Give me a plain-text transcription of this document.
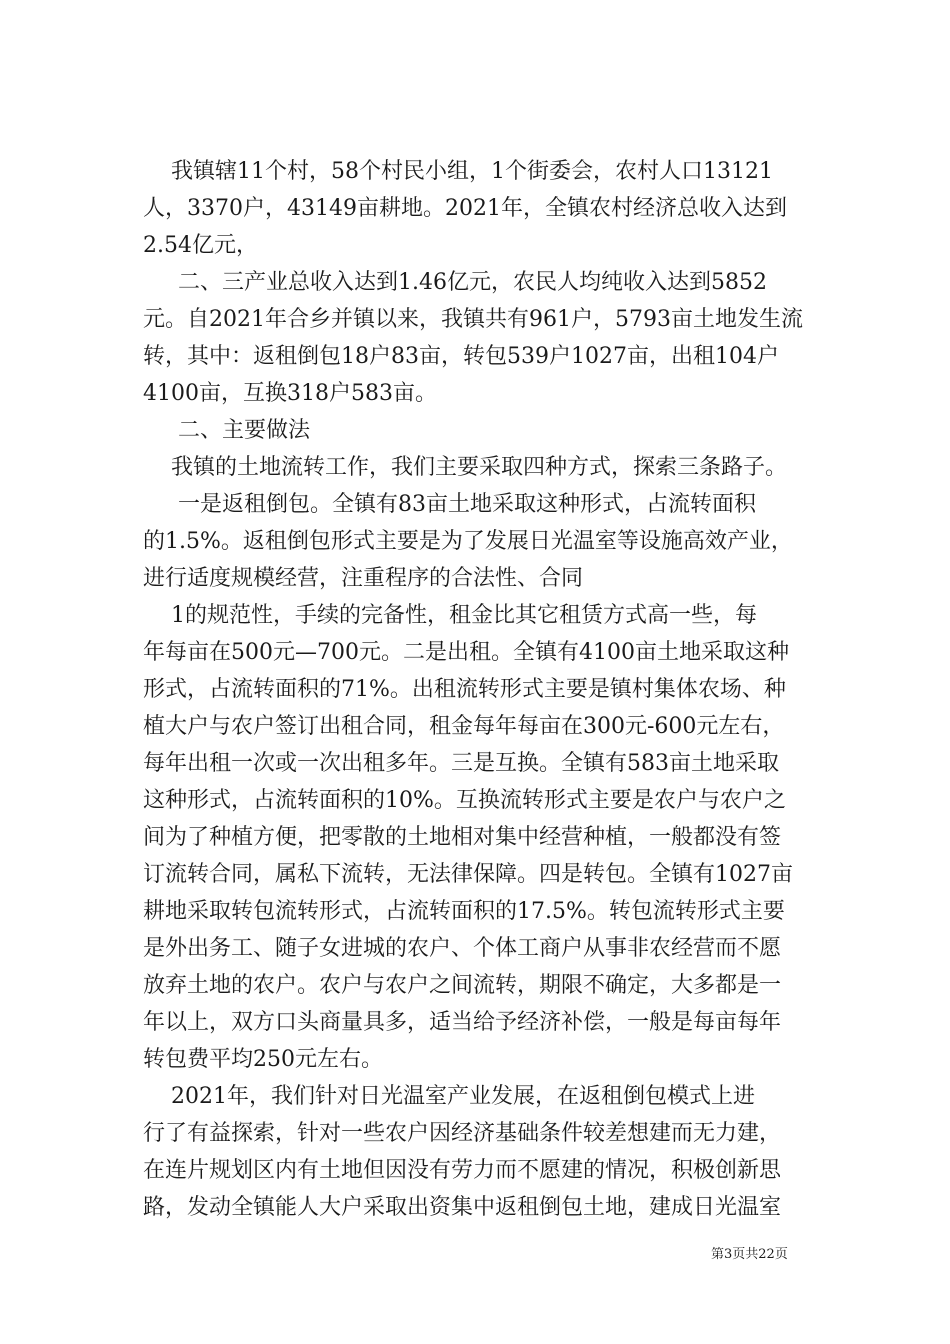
我镇辖11个村，58个村民小组，1个街委会，农村人口13121
人，3370户，43149亩耕地。2021年，全镇农村经济总收入达到
2.54亿元，
二、三产业总收入达到1.46亿元，农民人均纯收入达到5852
元。自2021年合乡并镇以来，我镇共有961户，5793亩土地发生流
转，其中：返租倒包18户83亩，转包539户1027亩，出租104户
4100亩，互换318户583亩。
二、主要做法
我镇的土地流转工作，我们主要采取四种方式，探索三条路子。
一是返租倒包。全镇有83亩土地采取这种形式，占流转面积
的1.5%。返租倒包形式主要是为了发展日光温室等设施高效产业，
进行适度规模经营，注重程序的合法性、合同
1的规范性，手续的完备性，租金比其它租赁方式高一些，每
年每亩在500元—700元。二是出租。全镇有4100亩土地采取这种
形式，占流转面积的71%。出租流转形式主要是镇村集体农场、种
植大户与农户签订出租合同，租金每年每亩在300元-600元左右，
每年出租一次或一次出租多年。三是互换。全镇有583亩土地采取
这种形式，占流转面积的10%。互换流转形式主要是农户与农户之
间为了种植方便，把零散的土地相对集中经营种植，一般都没有签
订流转合同，属私下流转，无法律保障。四是转包。全镇有1027亩
耕地采取转包流转形式，占流转面积的17.5%。转包流转形式主要
是外出务工、随子女进城的农户、个体工商户从事非农经营而不愿
放弃土地的农户。农户与农户之间流转，期限不确定，大多都是一
年以上，双方口头商量具多，适当给予经济补偿，一般是每亩每年
转包费平均250元左右。
2021年，我们针对日光温室产业发展，在返租倒包模式上进
行了有益探索，针对一些农户因经济基础条件较差想建而无力建，
在连片规划区内有土地但因没有劳力而不愿建的情况，积极创新思
路，发动全镇能人大户采取出资集中返租倒包土地，建成日光温室
第3页共22页
